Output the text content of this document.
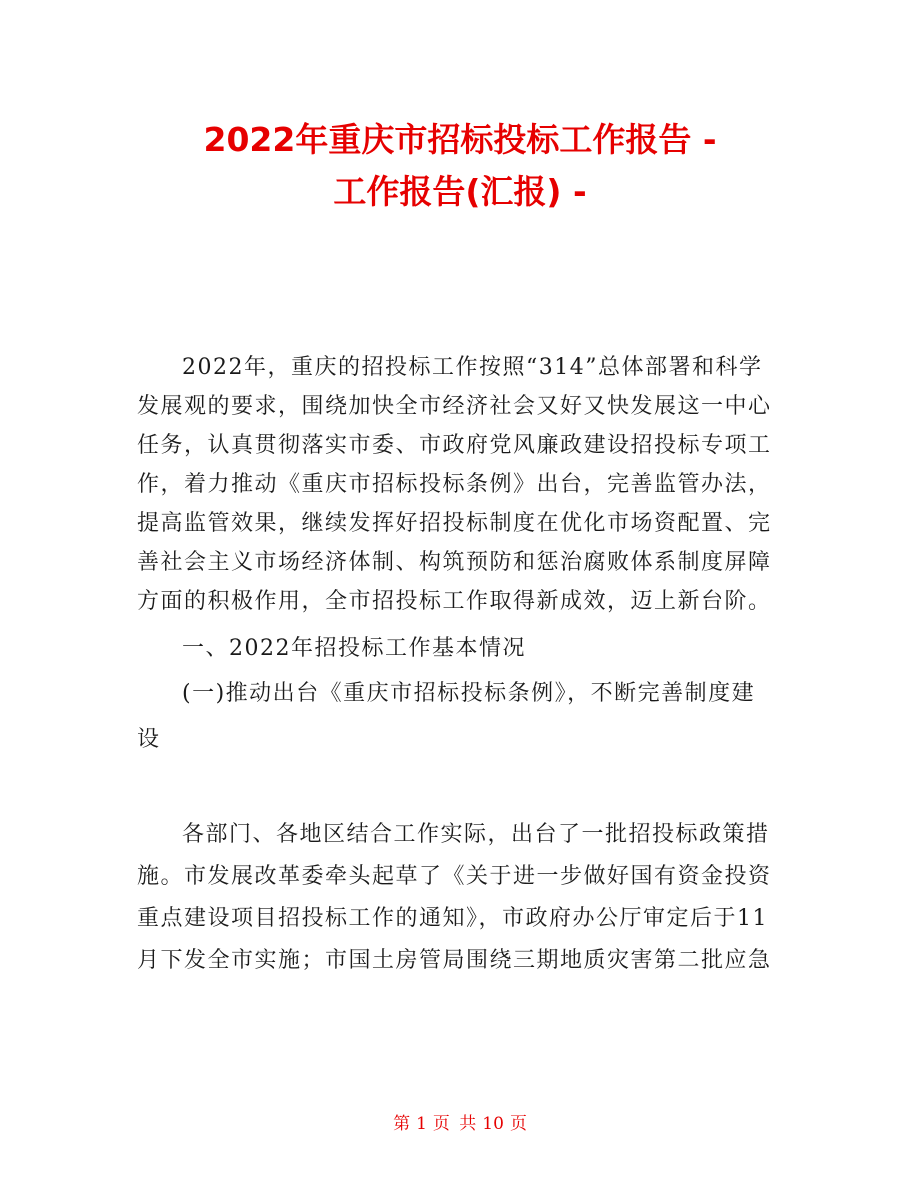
2022年重庆市招标投标工作报告 -
工作报告(汇报) -
2022年，重庆的招投标工作按照“314”总体部署和科学
发展观的要求，围绕加快全市经济社会又好又快发展这一中心
任务，认真贯彻落实市委、市政府党风廉政建设招投标专项工
作，着力推动《重庆市招标投标条例》出台，完善监管办法，
提高监管效果，继续发挥好招投标制度在优化市场资配置、完
善社会主义市场经济体制、构筑预防和惩治腐败体系制度屏障
方面的积极作用，全市招投标工作取得新成效，迈上新台阶。
一、2022年招投标工作基本情况
(一)推动出台《重庆市招标投标条例》，不断完善制度建
设
各部门、各地区结合工作实际，出台了一批招投标政策措
施。市发展改革委牵头起草了《关于进一步做好国有资金投资
重点建设项目招投标工作的通知》，市政府办公厅审定后于11
月下发全市实施；市国土房管局围绕三期地质灾害第二批应急
第 1 页 共 10 页
